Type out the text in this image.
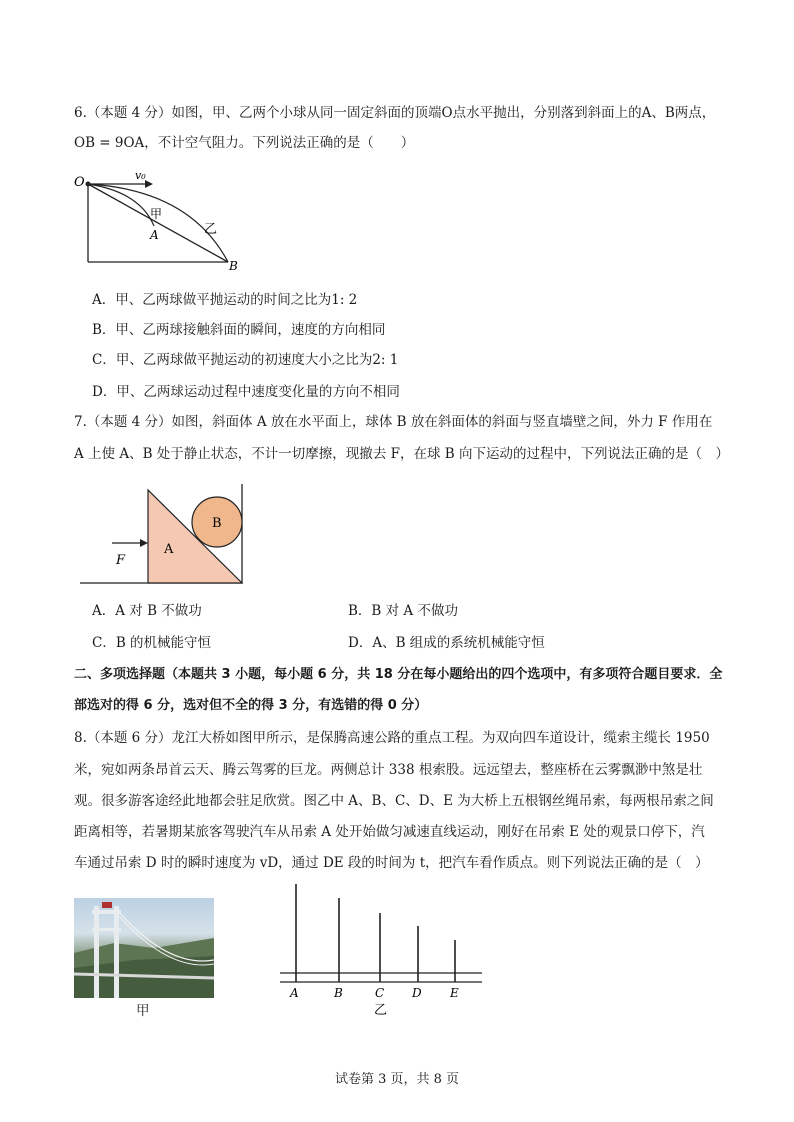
6.（本题 4 分）如图，甲、乙两个小球从同一固定斜面的顶端O点水平抛出，分别落到斜面上的A、B两点，
OB = 9OA，不计空气阻力。下列说法正确的是（　　）
O	v₀
甲
A	乙
B
A．甲、乙两球做平抛运动的时间之比为1: 2
B．甲、乙两球接触斜面的瞬间，速度的方向相同
C．甲、乙两球做平抛运动的初速度大小之比为2: 1
D．甲、乙两球运动过程中速度变化量的方向不相同
7.（本题 4 分）如图，斜面体 A 放在水平面上，球体 B 放在斜面体的斜面与竖直墙壁之间，外力 F 作用在
A 上使 A、B 处于静止状态，不计一切摩擦，现撤去 F，在球 B 向下运动的过程中，下列说法正确的是（　）
F
A
B
A．A 对 B 不做功	B．B 对 A 不做功
C．B 的机械能守恒	D．A、B 组成的系统机械能守恒
二、多项选择题（本题共 3 小题，每小题 6 分，共 18 分在每小题给出的四个选项中，有多项符合题目要求．全
部选对的得 6 分，选对但不全的得 3 分，有选错的得 0 分）
8.（本题 6 分）龙江大桥如图甲所示，是保腾高速公路的重点工程。为双向四车道设计，缆索主缆长 1950
米，宛如两条昂首云天、腾云驾雾的巨龙。两侧总计 338 根索股。远远望去，整座桥在云雾飘渺中煞是壮
观。很多游客途经此地都会驻足欣赏。图乙中 A、B、C、D、E 为大桥上五根钢丝绳吊索，每两根吊索之间
距离相等，若暑期某旅客驾驶汽车从吊索 A 处开始做匀减速直线运动，刚好在吊索 E 处的观景口停下，汽
车通过吊索 D 时的瞬时速度为 vD，通过 DE 段的时间为 t，把汽车看作质点。则下列说法正确的是（　）
甲
A	B	C D E
乙
试卷第 3 页，共 8 页
